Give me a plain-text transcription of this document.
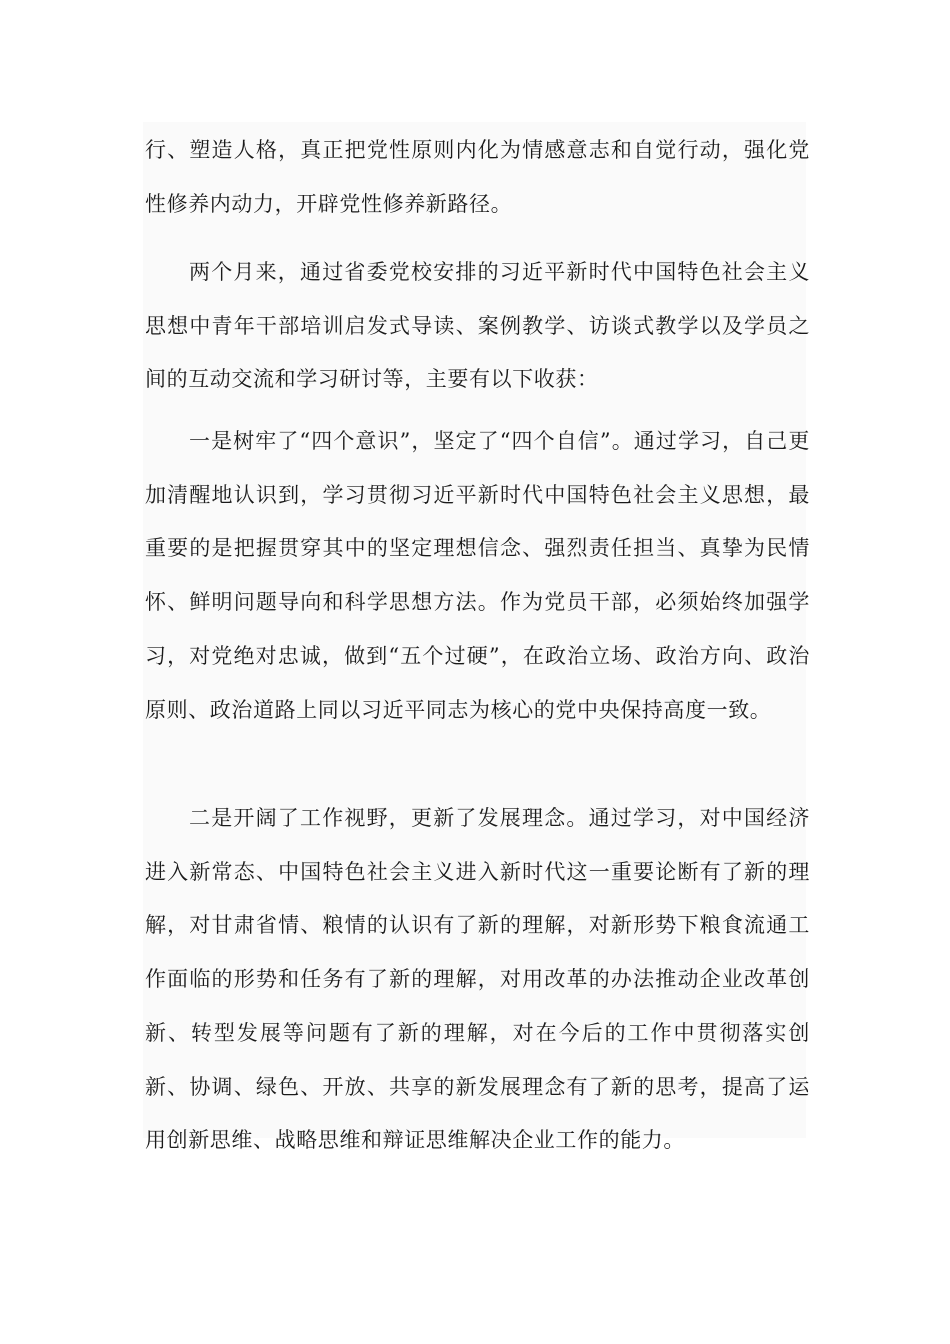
行、塑造人格，真正把党性原则内化为情感意志和自觉行动，强化党性修养内动力，开辟党性修养新路径。

两个月来，通过省委党校安排的习近平新时代中国特色社会主义思想中青年干部培训启发式导读、案例教学、访谈式教学以及学员之间的互动交流和学习研讨等，主要有以下收获：

一是树牢了“四个意识”，坚定了“四个自信”。通过学习，自己更加清醒地认识到，学习贯彻习近平新时代中国特色社会主义思想，最重要的是把握贯穿其中的坚定理想信念、强烈责任担当、真挚为民情怀、鲜明问题导向和科学思想方法。作为党员干部，必须始终加强学习，对党绝对忠诚，做到“五个过硬”，在政治立场、政治方向、政治原则、政治道路上同以习近平同志为核心的党中央保持高度一致。

二是开阔了工作视野，更新了发展理念。通过学习，对中国经济进入新常态、中国特色社会主义进入新时代这一重要论断有了新的理解，对甘肃省情、粮情的认识有了新的理解，对新形势下粮食流通工作面临的形势和任务有了新的理解，对用改革的办法推动企业改革创新、转型发展等问题有了新的理解，对在今后的工作中贯彻落实创新、协调、绿色、开放、共享的新发展理念有了新的思考，提高了运用创新思维、战略思维和辩证思维解决企业工作的能力。
